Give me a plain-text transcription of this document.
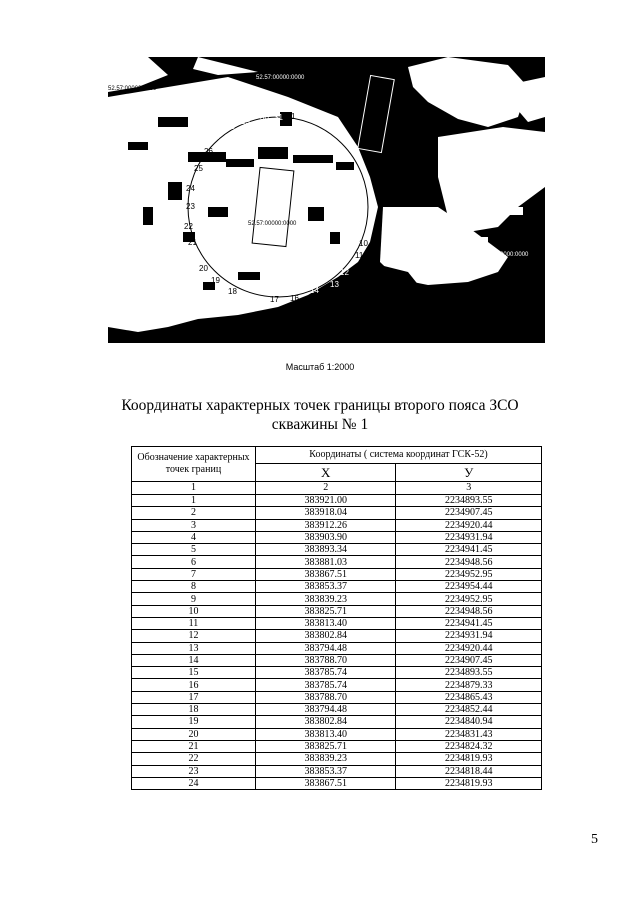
52.57:00000:0000
52.57:00000:0000
52.57:00000:0000
52.57:00000:0000
52.57:00000:0000
1
10
11
12
13
14
16
17
18
19
20
21
22
23
24
25
26
27
28
29 30 31
Масштаб 1:2000
Координаты характерных точек границы второго пояса ЗСО
скважины № 1
Обозначение характерных точек границ	Координаты ( система координат ГСК-52)	
	X	У
1	2	3
1	383921.00	2234893.55
2	383918.04	2234907.45
3	383912.26	2234920.44
4	383903.90	2234931.94
5	383893.34	2234941.45
6	383881.03	2234948.56
7	383867.51	2234952.95
8	383853.37	2234954.44
9	383839.23	2234952.95
10	383825.71	2234948.56
11	383813.40	2234941.45
12	383802.84	2234931.94
13	383794.48	2234920.44
14	383788.70	2234907.45
15	383785.74	2234893.55
16	383785.74	2234879.33
17	383788.70	2234865.43
18	383794.48	2234852.44
19	383802.84	2234840.94
20	383813.40	2234831.43
21	383825.71	2234824.32
22	383839.23	2234819.93
23	383853.37	2234818.44
24	383867.51	2234819.93
5
